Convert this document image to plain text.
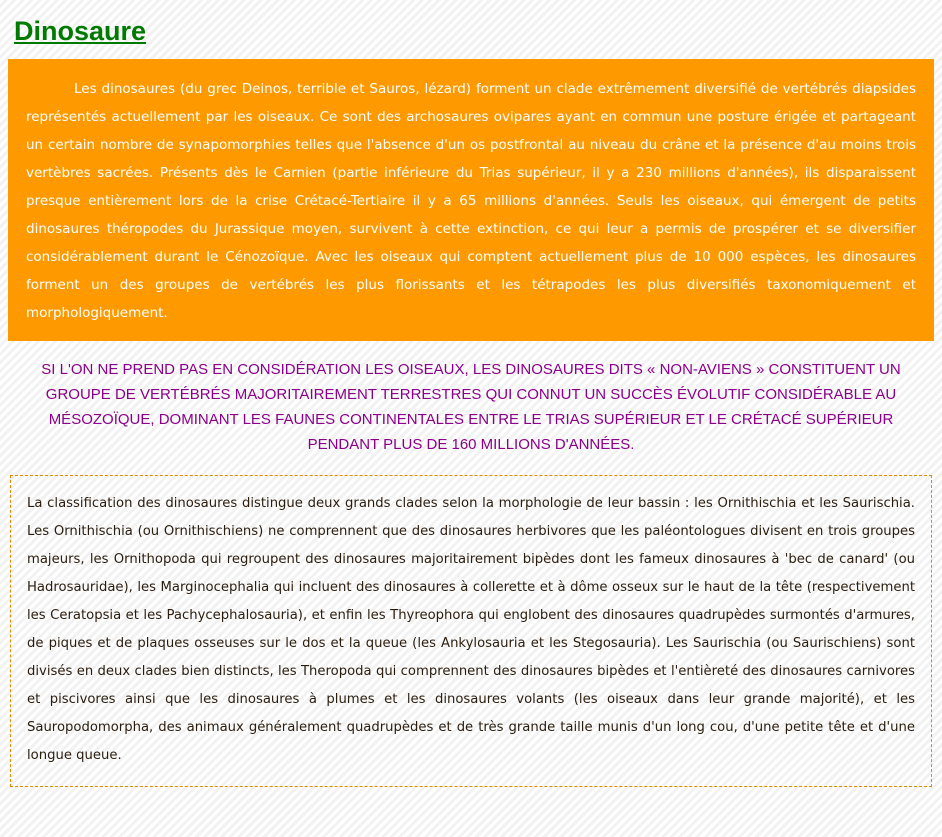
Dinosaure

Les dinosaures (du grec Deinos, terrible et Sauros, lézard) forment un clade extrêmement diversifié de vertébrés diapsides représentés actuellement par les oiseaux. Ce sont des archosaures ovipares ayant en commun une posture érigée et partageant un certain nombre de synapomorphies telles que l'absence d'un os postfrontal au niveau du crâne et la présence d'au moins trois vertèbres sacrées. Présents dès le Carnien (partie inférieure du Trias supérieur, il y a 230 millions d'années), ils disparaissent presque entièrement lors de la crise Crétacé-Tertiaire il y a 65 millions d'années. Seuls les oiseaux, qui émergent de petits dinosaures théropodes du Jurassique moyen, survivent à cette extinction, ce qui leur a permis de prospérer et se diversifier considérablement durant le Cénozoïque. Avec les oiseaux qui comptent actuellement plus de 10 000 espèces, les dinosaures forment un des groupes de vertébrés les plus florissants et les tétrapodes les plus diversifiés taxonomiquement et morphologiquement.

SI L'ON NE PREND PAS EN CONSIDÉRATION LES OISEAUX, LES DINOSAURES DITS « NON-AVIENS » CONSTITUENT UN GROUPE DE VERTÉBRÉS MAJORITAIREMENT TERRESTRES QUI CONNUT UN SUCCÈS ÉVOLUTIF CONSIDÉRABLE AU MÉSOZOÏQUE, DOMINANT LES FAUNES CONTINENTALES ENTRE LE TRIAS SUPÉRIEUR ET LE CRÉTACÉ SUPÉRIEUR PENDANT PLUS DE 160 MILLIONS D'ANNÉES.

La classification des dinosaures distingue deux grands clades selon la morphologie de leur bassin : les Ornithischia et les Saurischia. Les Ornithischia (ou Ornithischiens) ne comprennent que des dinosaures herbivores que les paléontologues divisent en trois groupes majeurs, les Ornithopoda qui regroupent des dinosaures majoritairement bipèdes dont les fameux dinosaures à 'bec de canard' (ou Hadrosauridae), les Marginocephalia qui incluent des dinosaures à collerette et à dôme osseux sur le haut de la tête (respectivement les Ceratopsia et les Pachycephalosauria), et enfin les Thyreophora qui englobent des dinosaures quadrupèdes surmontés d'armures, de piques et de plaques osseuses sur le dos et la queue (les Ankylosauria et les Stegosauria). Les Saurischia (ou Saurischiens) sont divisés en deux clades bien distincts, les Theropoda qui comprennent des dinosaures bipèdes et l'entièreté des dinosaures carnivores et piscivores ainsi que les dinosaures à plumes et les dinosaures volants (les oiseaux dans leur grande majorité), et les Sauropodomorpha, des animaux généralement quadrupèdes et de très grande taille munis d'un long cou, d'une petite tête et d'une longue queue.
